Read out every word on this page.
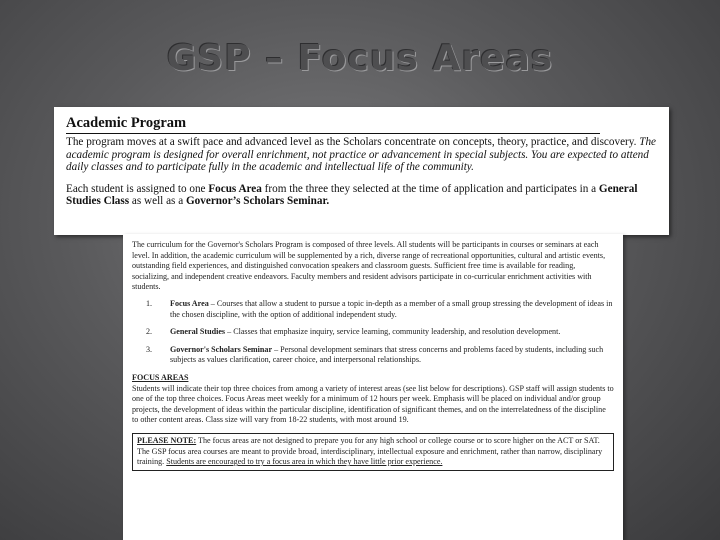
GSP – Focus Areas
Academic Program

The program moves at a swift pace and advanced level as the Scholars concentrate on concepts, theory, practice, and discovery. The academic program is designed for overall enrichment, not practice or advancement in special subjects. You are expected to attend daily classes and to participate fully in the academic and intellectual life of the community.

Each student is assigned to one Focus Area from the three they selected at the time of application and participates in a General Studies Class as well as a Governor’s Scholars Seminar.

The curriculum for the Governor's Scholars Program is composed of three levels. All students will be participants in courses or seminars at each level. In addition, the academic curriculum will be supplemented by a rich, diverse range of recreational opportunities, cultural and artistic events, outstanding field experiences, and distinguished convocation speakers and classroom guests. Sufficient free time is available for reading, socializing, and independent creative endeavors. Faculty members and resident advisors participate in co-curricular enrichment activities with students.

1.	Focus Area – Courses that allow a student to pursue a topic in-depth as a member of a small group stressing the development of ideas in the chosen discipline, with the option of additional independent study.
2.	General Studies – Classes that emphasize inquiry, service learning, community leadership, and resolution development.
3.	Governor's Scholars Seminar – Personal development seminars that stress concerns and problems faced by students, including such subjects as values clarification, career choice, and interpersonal relationships.
FOCUS AREAS

Students will indicate their top three choices from among a variety of interest areas (see list below for descriptions). GSP staff will assign students to one of the top three choices. Focus Areas meet weekly for a minimum of 12 hours per week. Emphasis will be placed on individual and/or group projects, the development of ideas within the particular discipline, identification of significant themes, and on the interrelatedness of the discipline to other content areas. Class size will vary from 18-22 students, with most around 19.

PLEASE NOTE: The focus areas are not designed to prepare you for any high school or college course or to score higher on the ACT or SAT. The GSP focus area courses are meant to provide broad, interdisciplinary, intellectual exposure and enrichment, rather than narrow, disciplinary training. Students are encouraged to try a focus area in which they have little prior experience.
